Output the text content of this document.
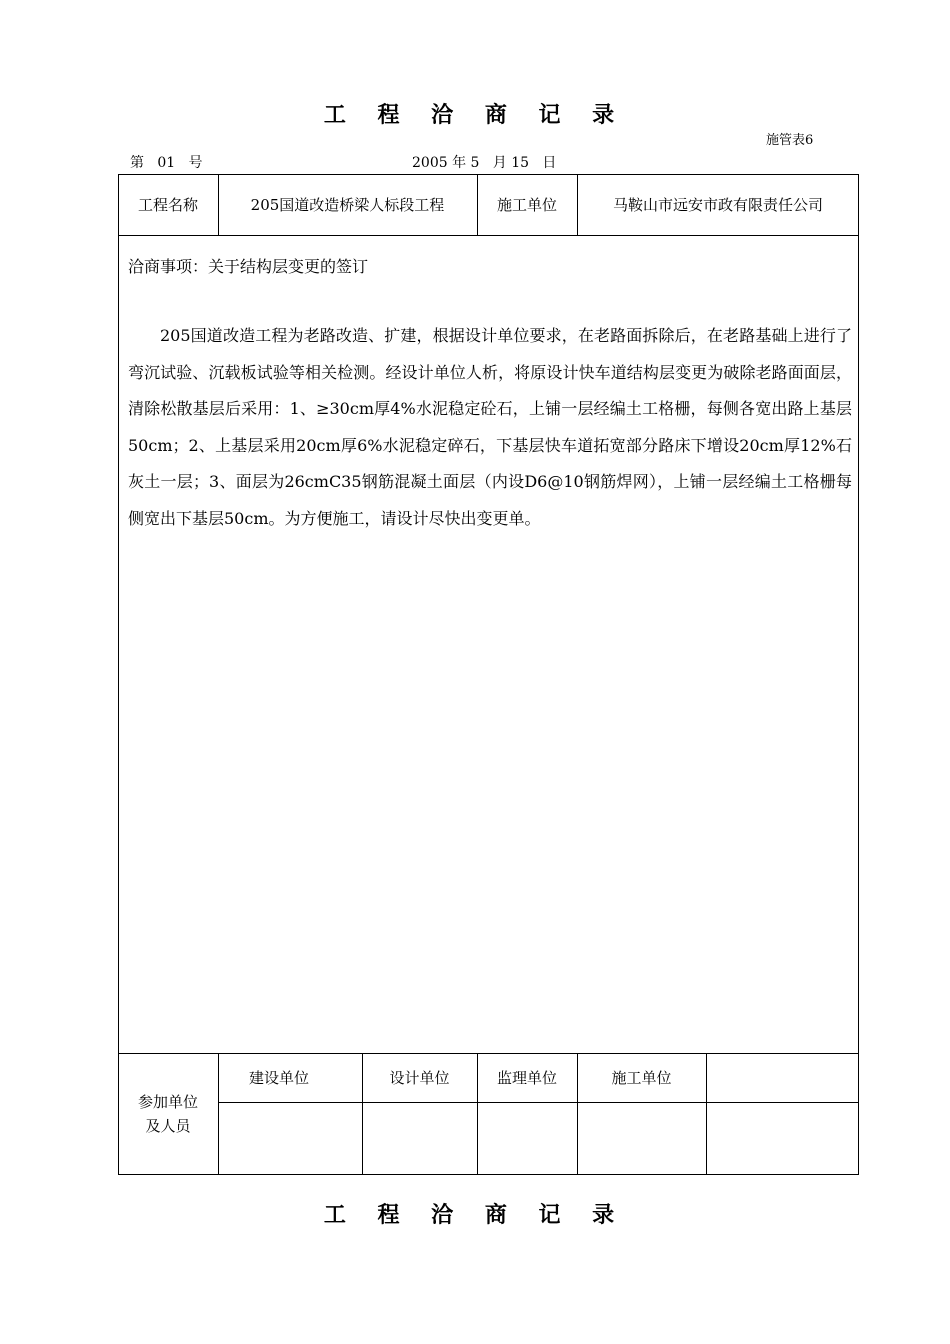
工 程 洽 商 记 录
施管表6
第   01   号	2005 年 5   月 15   日
工程名称	205国道改造桥梁人标段工程	施工单位	马鞍山市远安市政有限责任公司
洽商事项：关于结构层变更的签订
205国道改造工程为老路改造、扩建，根据设计单位要求，在老路面拆除后，在老路基础上进行了弯沉试验、沉载板试验等相关检测。经设计单位人析，将原设计快车道结构层变更为破除老路面面层，清除松散基层后采用：1、≥30cm厚4%水泥稳定砼石，上铺一层经编土工格栅，每侧各宽出路上基层50cm；2、上基层采用20cm厚6%水泥稳定碎石，下基层快车道拓宽部分路床下增设20cm厚12%石灰土一层；3、面层为26cmC35钢筋混凝土面层（内设D6@10钢筋焊网），上铺一层经编土工格栅每侧宽出下基层50cm。为方便施工，请设计尽快出变更单。
参加单位
及人员
建设单位	设计单位	监理单位	施工单位
工 程 洽 商 记 录
